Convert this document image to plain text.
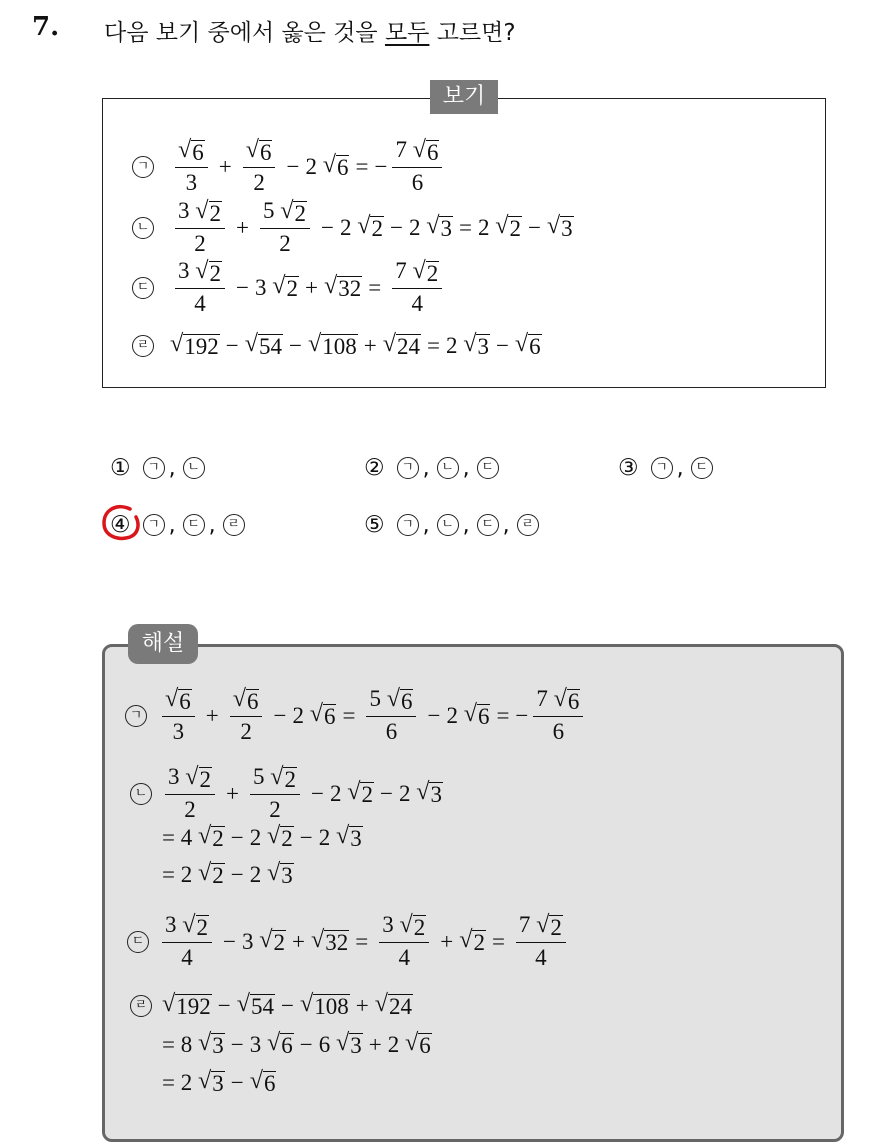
7. 다음 보기 중에서 옳은 것을 모두 고르면?
보기
ㄱ $\frac{√ 6}{3} + \frac{√ 6}{2} - 2$ √ 6 = − $\frac{7 √ 6}{6}$
ㄴ $\frac{3 √ 2}{2} + \frac{5 √ 2}{2} - 2$ √ 2 − 2 √ 3 = 2 √ 2 − √ 3
ㄷ $\frac{3 √ 2}{4} - 3$ √ 2 + √ $32 = \frac{7 √ 2}{4}$
ㄹ √ 192 − √ 54 − √ 108 + √ 24 = 2 √ 3 − √ 6
①	ㄱ , ㄴ	②	ㄱ , ㄴ , ㄷ	③	ㄱ , ㄷ
④	ㄱ , ㄷ , ㄹ	⑤	ㄱ , ㄴ , ㄷ , ㄹ
해설
ㄱ $\frac{√ 6}{3} + \frac{√ 6}{2} - 2$ √ $6 = \frac{5 √ 6}{6} - 2$ √ 6 = − $\frac{7 √ 6}{6}$
ㄴ $\frac{3 √ 2}{2} + \frac{5 √ 2}{2} - 2$ √ 2 − 2 √ 3
= 4 √ 2 − 2 √ 2 − 2 √ 3
= 2 √ 2 − 2 √ 3
ㄷ $\frac{3 √ 2}{4} - 3$ √ 2 + √ $32 = \frac{3 √ 2}{4}$ + √ $2 = \frac{7 √ 2}{4}$
ㄹ √ 192 − √ 54 − √ 108 + √ 24
= 8 √ 3 − 3 √ 6 − 6 √ 3 + 2 √ 6
= 2 √ 3 − √ 6
